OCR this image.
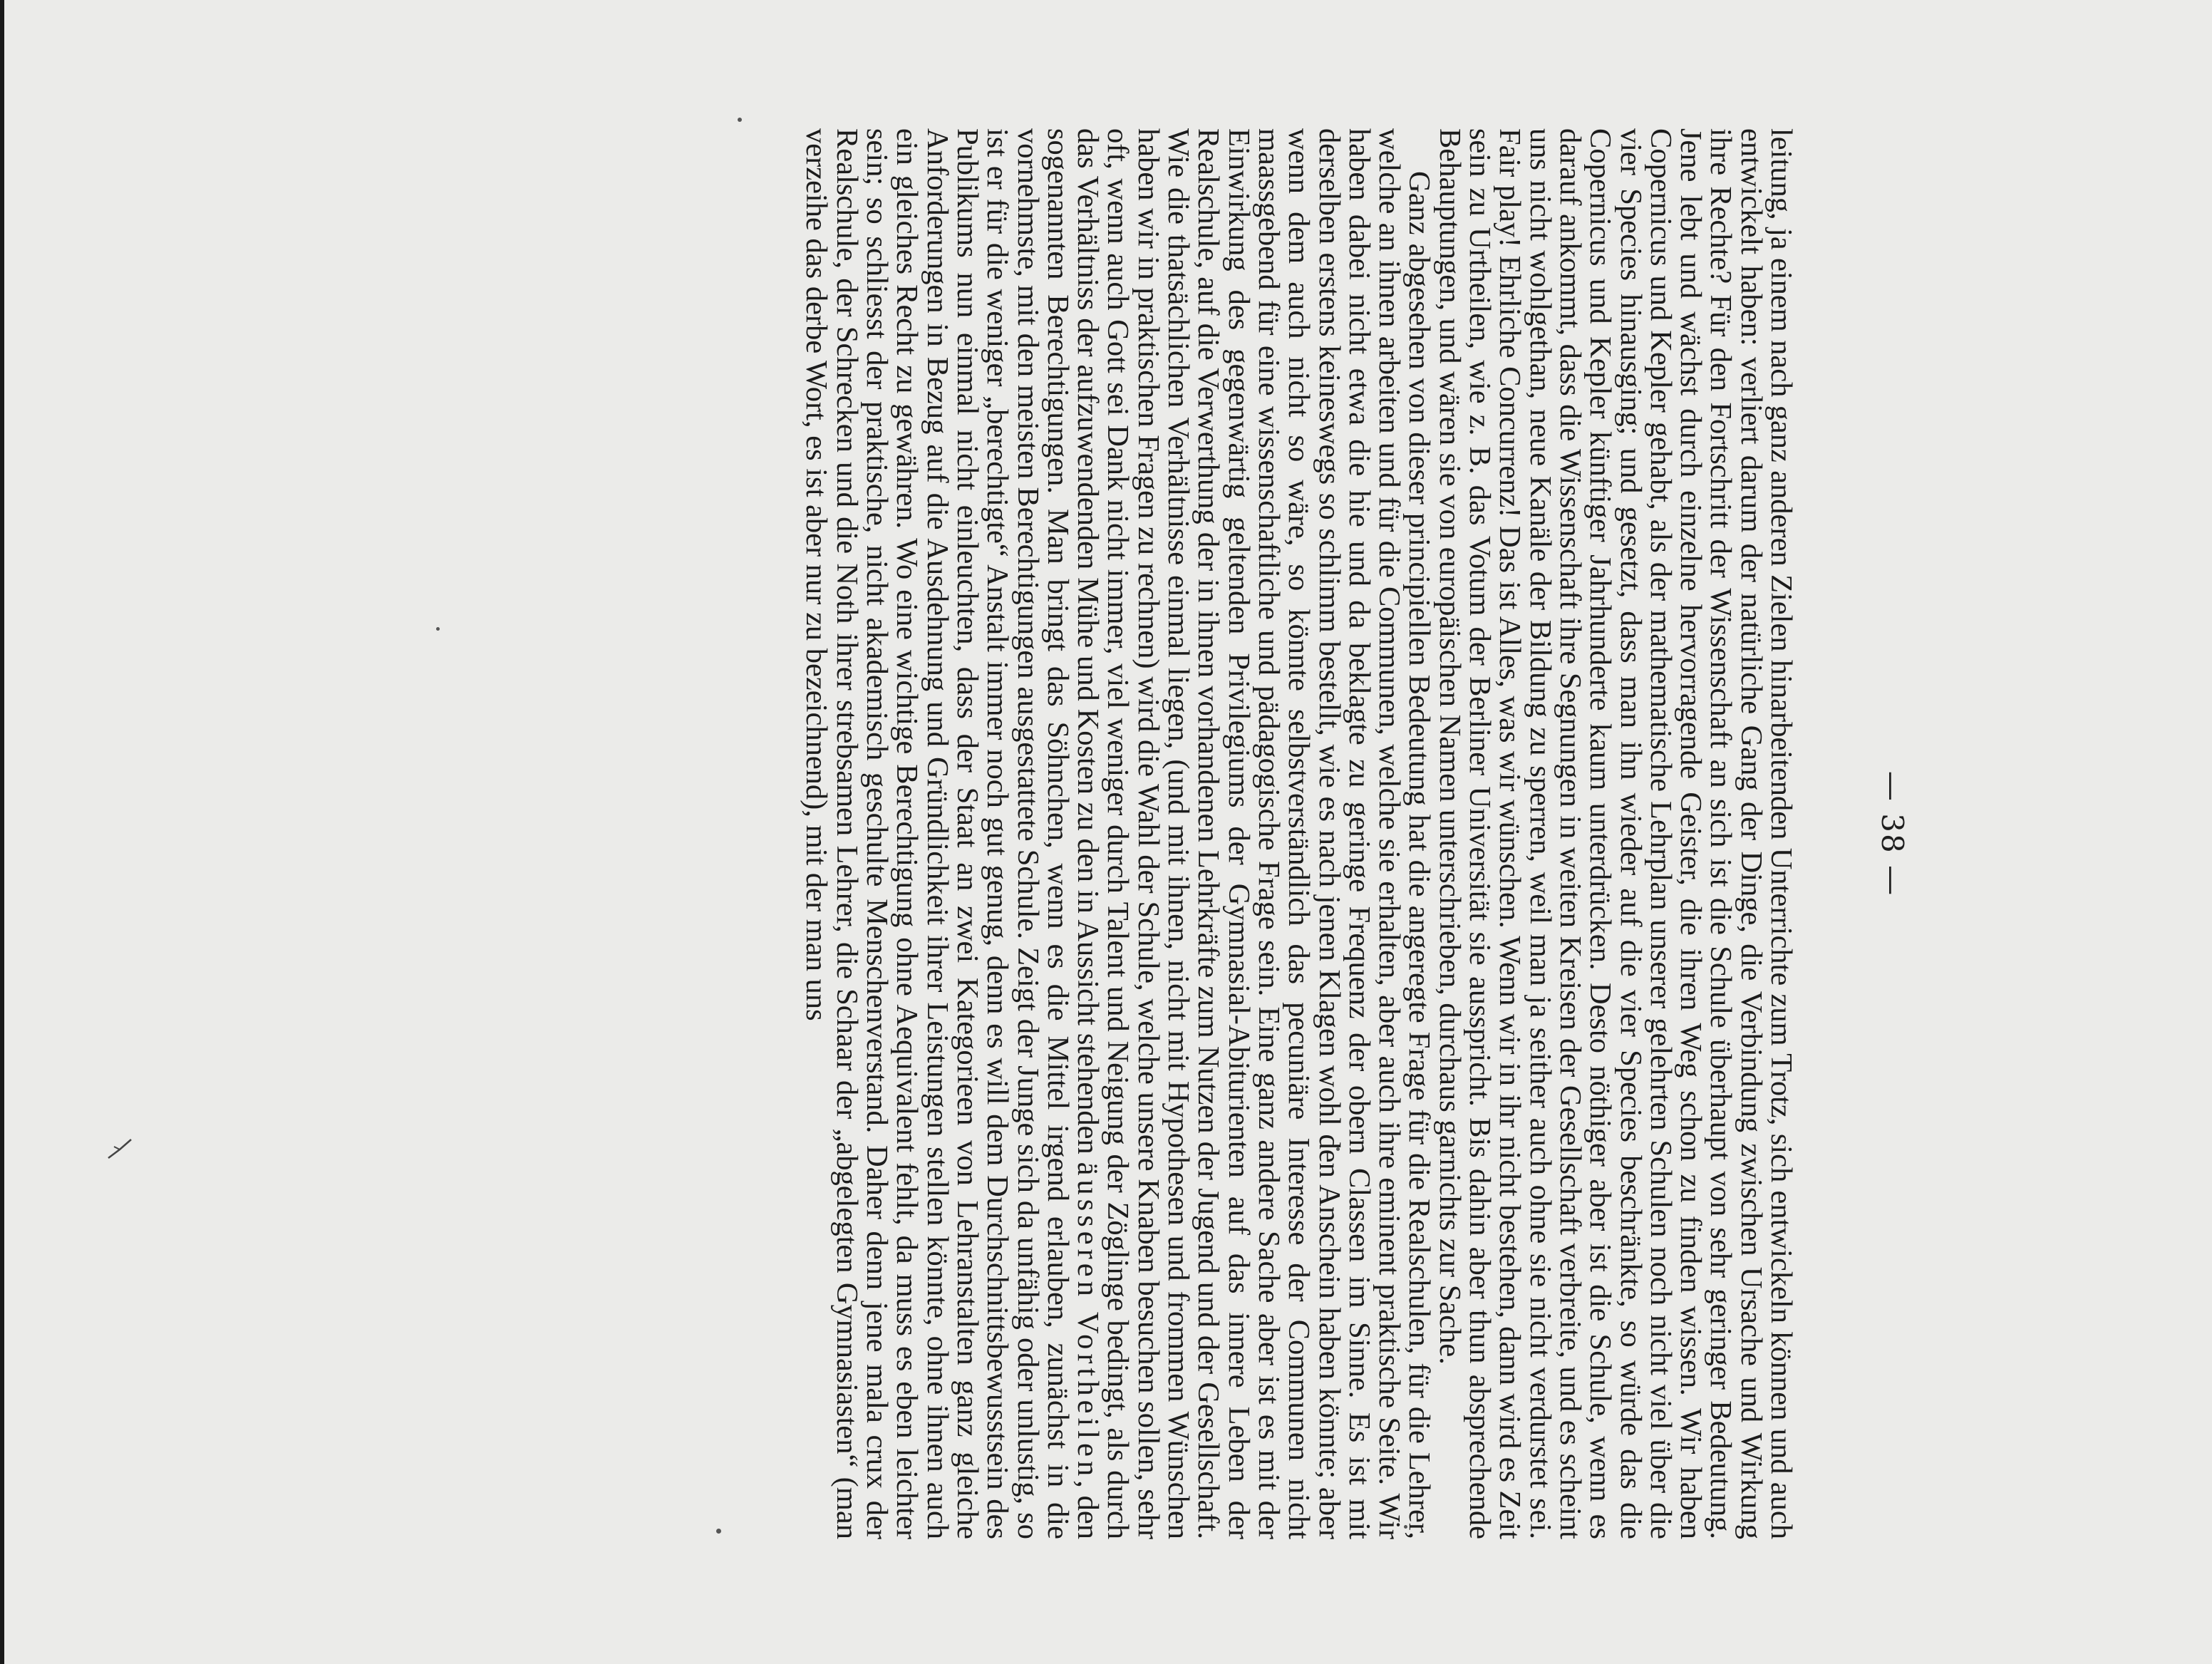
— 38 —

leitung, ja einem nach ganz anderen Zielen hinarbeitenden Unterrichte zum Trotz, sich entwickeln können und auch entwickelt haben: verliert darum der natürliche Gang der Dinge, die Verbindung zwischen Ursache und Wirkung ihre Rechte? Für den Fortschritt der Wissenschaft an sich ist die Schule überhaupt von sehr geringer Bedeutung. Jene lebt und wächst durch einzelne hervorragende Geister, die ihren Weg schon zu finden wissen. Wir haben Copernicus und Kepler gehabt, als der mathematische Lehrplan unserer gelehrten Schulen noch nicht viel über die vier Species hinausging; und gesetzt, dass man ihn wieder auf die vier Species beschränkte, so würde das die Copernicus und Kepler künftiger Jahrhunderte kaum unterdrücken. Desto nöthiger aber ist die Schule, wenn es darauf ankommt, dass die Wissenschaft ihre Segnungen in weiten Kreisen der Gesellschaft verbreite, und es scheint uns nicht wohlgethan, neue Kanäle der Bildung zu sperren, weil man ja seither auch ohne sie nicht verdurstet sei. Fair play! Ehrliche Concurrenz! Das ist Alles, was wir wünschen. Wenn wir in ihr nicht bestehen, dann wird es Zeit sein zu Urtheilen, wie z. B. das Votum der Berliner Universität sie ausspricht. Bis dahin aber thun absprechende Behauptungen, und wären sie von europäischen Namen unterschrieben, durchaus garnichts zur Sache.

Ganz abgesehen von dieser principiellen Bedeutung hat die angeregte Frage für die Realschulen, für die Lehrer, welche an ihnen arbeiten und für die Communen, welche sie erhalten, aber auch ihre eminent praktische Seite. Wir haben dabei nicht etwa die hie und da beklagte zu geringe Frequenz der obern Classen im Sinne. Es ist mit derselben erstens keineswegs so schlimm bestellt, wie es nach jenen Klagen wohl den Anschein haben könnte; aber wenn dem auch nicht so wäre, so könnte selbstverständlich das pecuniäre Interesse der Communen nicht maassgebend für eine wissenschaftliche und pädagogische Frage sein. Eine ganz andere Sache aber ist es mit der Einwirkung des gegenwärtig geltenden Privilegiums der Gymnasial-Abiturienten auf das innere Leben der Realschule, auf die Verwerthung der in ihnen vorhandenen Lehrkräfte zum Nutzen der Jugend und der Gesellschaft. Wie die thatsächlichen Verhältnisse einmal liegen, (und mit ihnen, nicht mit Hypothesen und frommen Wünschen haben wir in praktischen Fragen zu rechnen) wird die Wahl der Schule, welche unsere Knaben besuchen sollen, sehr oft, wenn auch Gott sei Dank nicht immer, viel weniger durch Talent und Neigung der Zöglinge bedingt, als durch das Verhältniss der aufzuwendenden Mühe und Kosten zu den in Aussicht stehenden äusseren Vortheilen, den sogenannten Berechtigungen. Man bringt das Söhnchen, wenn es die Mittel irgend erlauben, zunächst in die vornehmste, mit den meisten Berechtigungen ausgestattete Schule. Zeigt der Junge sich da unfähig oder unlustig, so ist er für die weniger „berechtigte“ Anstalt immer noch gut genug, denn es will dem Durchschnittsbewusstsein des Publikums nun einmal nicht einleuchten, dass der Staat an zwei Kategorieen von Lehranstalten ganz gleiche Anforderungen in Bezug auf die Ausdehnung und Gründlichkeit ihrer Leistungen stellen könnte, ohne ihnen auch ein gleiches Recht zu gewähren. Wo eine wichtige Berechtigung ohne Aequivalent fehlt, da muss es eben leichter sein; so schliesst der praktische, nicht akademisch geschulte Menschenverstand. Daher denn jene mala crux der Realschule, der Schrecken und die Noth ihrer strebsamen Lehrer, die Schaar der „abgelegten Gymnasiasten“ (man verzeihe das derbe Wort, es ist aber nur zu bezeichnend), mit der man uns
